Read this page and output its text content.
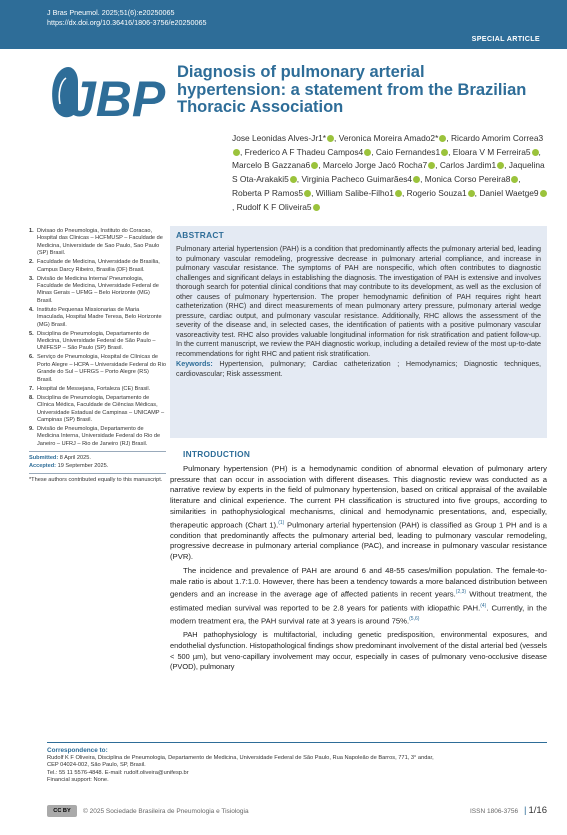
J Bras Pneumol. 2025;51(6):e20250065
https://dx.doi.org/10.36416/1806-3756/e20250065
SPECIAL ARTICLE
JBP Diagnosis of pulmonary arterial hypertension: a statement from the Brazilian Thoracic Association
Jose Leonidas Alves-Jr1* , Veronica Moreira Amado2* , Ricardo Amorim Correa3, Frederico A F Thadeu Campos4 , Caio Fernandes1 , Eloara V M Ferreira5 , Marcelo B Gazzana6 , Marcelo Jorge Jacó Rocha7 , Carlos Jardim1 , Jaquelina S Ota-Arakaki5 , Virginia Pacheco Guimarães4 , Monica Corso Pereira8 , Roberta P Ramos5 , William Salibe-Filho1 , Rogerio Souza1 , Daniel Waetge9, Rudolf K F Oliveira5
1. Divisao do Pneumologia, Instituto do Coracao, Hospital das Clinicas – HCFMUSP – Faculdade de Medicina, Universidade de Sao Paulo, Sao Paulo (SP) Brasil.
2. Faculdade de Medicina, Universidade de Brasilia, Campus Darcy Ribeiro, Brasilia (DF) Brasil.
3. Divisão de Medicina Interna/ Pneumologia, Faculdade de Medicina, Universidade Federal de Minas Gerais – UFMG – Belo Horizonte (MG) Brasil.
4. Instituto Pequenas Missionarias de Maria Imaculada, Hospital Madre Teresa, Belo Horizonte (MG) Brasil.
5. Disciplina de Pneumologia, Departamento de Medicina, Universidade Federal de São Paulo – UNIFESP – São Paulo (SP) Brasil.
6. Serviço de Pneumologia, Hospital de Clínicas de Porto Alegre – HCPA – Universidade Federal do Rio Grande do Sul – UFRGS – Porto Alegre (RS) Brasil.
7. Hospital de Messejana, Fortaleza (CE) Brasil.
8. Disciplina de Pneumologia, Departamento de Clínica Médica, Faculdade de Ciências Médicas, Universidade Estadual de Campinas – UNICAMP – Campinas (SP) Brasil.
9. Divisão de Pneumologia, Departamento de Medicina Interna, Universidade Federal do Rio de Janeiro – UFRJ – Rio de Janeiro (RJ) Brasil.
Submitted: 8 April 2025.
Accepted: 19 September 2025.
*These authors contributed equally to this manuscript.
ABSTRACT

Pulmonary arterial hypertension (PAH) is a condition that predominantly affects the pulmonary arterial bed, leading to pulmonary vascular remodeling, progressive decrease in pulmonary arterial compliance, and increase in pulmonary vascular resistance. The symptoms of PAH are nonspecific, which often contributes to diagnostic challenges and significant delays in establishing the diagnosis. The investigation of PAH is extensive and involves thorough search for potential clinical conditions that may contribute to its development, as well as the exclusion of other causes of pulmonary hypertension. The proper hemodynamic definition of PAH requires right heart catheterization (RHC) and direct measurements of mean pulmonary artery pressure, pulmonary arterial wedge pressure, cardiac output, and pulmonary vascular resistance. Additionally, RHC allows the assessment of the severity of the disease and, in selected cases, the identification of patients with a positive pulmonary vascular vasoreactivity test. RHC also provides valuable longitudinal information for risk stratification and patient follow-up. In the current manuscript, we review the PAH diagnostic workup, including a detailed review of the most up-to-date recommendations for right RHC and patient risk stratification.

Keywords: Hypertension, pulmonary; Cardiac catheterization ; Hemodynamics; Diagnostic techniques, cardiovascular; Risk assessment.

INTRODUCTION

Pulmonary hypertension (PH) is a hemodynamic condition of abnormal elevation of pulmonary artery pressure that can occur in association with different diseases. This diagnostic review was conducted as a narrative review by experts in the field of pulmonary hypertension, based on critical appraisal of the available literature and clinical experience. The current PH classification is structured into five groups, according to similarities in pathophysiological mechanisms, clinical and hemodynamic presentations, and, especially, therapeutic approach (Chart 1).$^{(1)}$ Pulmonary arterial hypertension (PAH) is classified as Group 1 PH and is a condition that predominantly affects the pulmonary arterial bed, leading to pulmonary vascular remodeling, progressive decrease in pulmonary arterial compliance (PAC), and increase in pulmonary vascular resistance (PVR).

The incidence and prevalence of PAH are around 6 and 48-55 cases/million population. The female-to-male ratio is about 1.7:1.0. However, there has been a tendency towards a more balanced distribution between genders and an increase in the average age of affected patients in recent years.$^{(2,3)}$ Without treatment, the estimated median survival was reported to be 2.8 years for patients with idiopathic PAH.$^{(4)}$. Currently, in the modern treatment era, the PAH survival rate at 3 years is around 75%.$^{(5,6)}$

PAH pathophysiology is multifactorial, including genetic predisposition, environmental exposures, and endothelial dysfunction. Histopathological findings show predominant involvement of the distal arterial bed (vessels < 500 µm), but veno-capillary involvement may occur, especially in cases of pulmonary veno-occlusive disease (PVOD), pulmonary

Correspondence to:
Rudolf K F Oliveira, Disciplina de Pneumologia, Departamento de Medicina, Universidade Federal de São Paulo, Rua Napoleão de Barros, 771, 3° andar,
CEP 04024-002, São Paulo, SP, Brasil.
Tel.: 55 11 5576-4848. E-mail: rudolf.oliveira@unifesp.br
Financial support: None.
CC BY	© 2025 Sociedade Brasileira de Pneumologia e Tisiologia	ISSN 1806-3756 | 1/16
